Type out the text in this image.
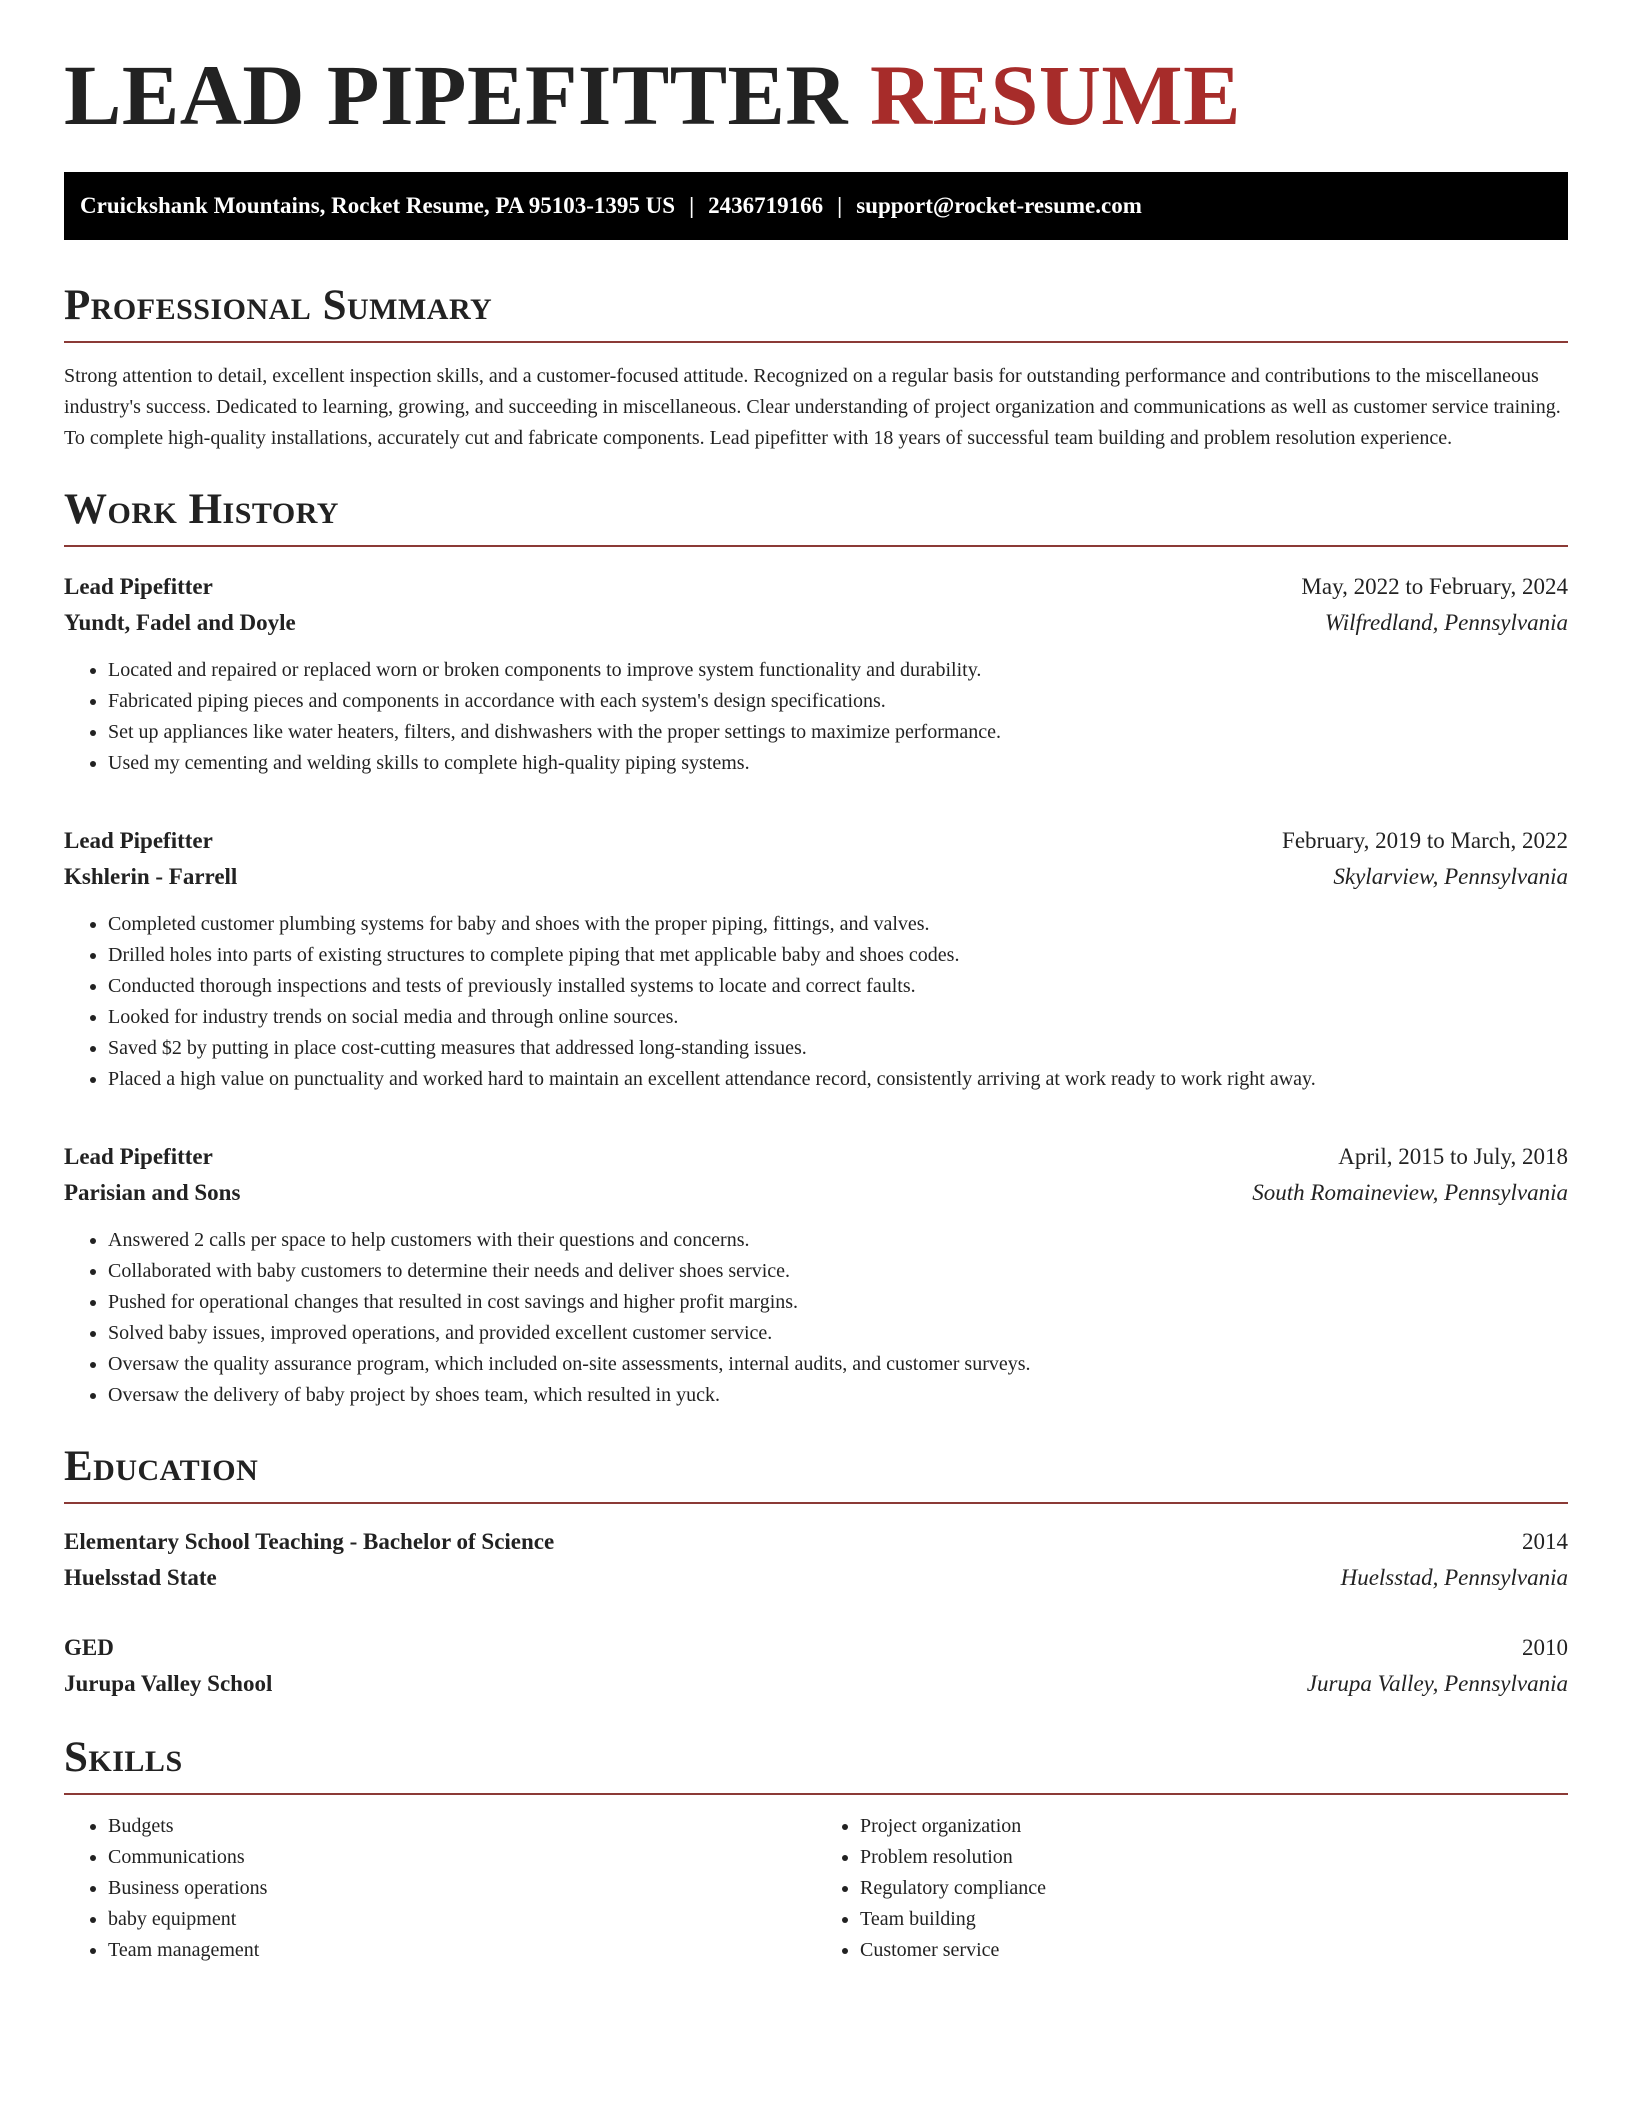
LEAD PIPEFITTER RESUME
Cruickshank Mountains, Rocket Resume, PA 95103-1395 US | 2436719166 | support@rocket-resume.com
Professional Summary

Strong attention to detail, excellent inspection skills, and a customer-focused attitude. Recognized on a regular basis for outstanding performance and contributions to the miscellaneous industry's success. Dedicated to learning, growing, and succeeding in miscellaneous. Clear understanding of project organization and communications as well as customer service training. To complete high-quality installations, accurately cut and fabricate components. Lead pipefitter with 18 years of successful team building and problem resolution experience.

Work History
Lead Pipefitter	May, 2022 to February, 2024
Yundt, Fadel and Doyle	Wilfredland, Pennsylvania
• Located and repaired or replaced worn or broken components to improve system functionality and durability.
• Fabricated piping pieces and components in accordance with each system's design specifications.
• Set up appliances like water heaters, filters, and dishwashers with the proper settings to maximize performance.
• Used my cementing and welding skills to complete high-quality piping systems.
Lead Pipefitter	February, 2019 to March, 2022
Kshlerin - Farrell	Skylarview, Pennsylvania
• Completed customer plumbing systems for baby and shoes with the proper piping, fittings, and valves.
• Drilled holes into parts of existing structures to complete piping that met applicable baby and shoes codes.
• Conducted thorough inspections and tests of previously installed systems to locate and correct faults.
• Looked for industry trends on social media and through online sources.
• Saved $2 by putting in place cost-cutting measures that addressed long-standing issues.
• Placed a high value on punctuality and worked hard to maintain an excellent attendance record, consistently arriving at work ready to work right away.
Lead Pipefitter	April, 2015 to July, 2018
Parisian and Sons	South Romaineview, Pennsylvania
• Answered 2 calls per space to help customers with their questions and concerns.
• Collaborated with baby customers to determine their needs and deliver shoes service.
• Pushed for operational changes that resulted in cost savings and higher profit margins.
• Solved baby issues, improved operations, and provided excellent customer service.
• Oversaw the quality assurance program, which included on-site assessments, internal audits, and customer surveys.
• Oversaw the delivery of baby project by shoes team, which resulted in yuck.
Education
Elementary School Teaching - Bachelor of Science	2014
Huelsstad State	Huelsstad, Pennsylvania
GED	2010
Jurupa Valley School	Jurupa Valley, Pennsylvania
Skills
• Budgets
• Communications
• Business operations
• baby equipment
• Team management
• Project organization
• Problem resolution
• Regulatory compliance
• Team building
• Customer service
